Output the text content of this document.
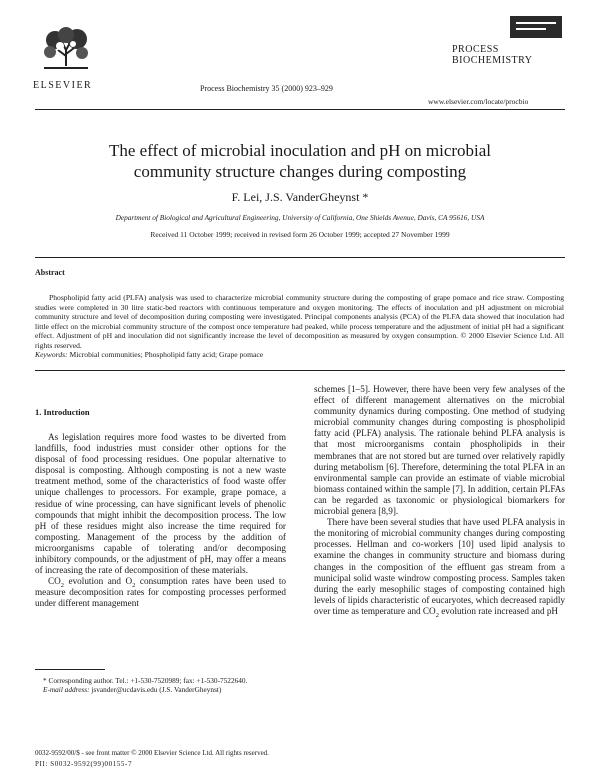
ELSEVIER	Process Biochemistry 35 (2000) 923–929
PROCESS
BIOCHEMISTRY
www.elsevier.com/locate/procbio
The effect of microbial inoculation and pH on microbial
community structure changes during composting
F. Lei, J.S. VanderGheynst *
Department of Biological and Agricultural Engineering, University of California, One Shields Avenue, Davis, CA 95616, USA
Received 11 October 1999; received in revised form 26 October 1999; accepted 27 November 1999
Abstract
Phospholipid fatty acid (PLFA) analysis was used to characterize microbial community structure during the composting of grape pomace and rice straw. Composting studies were completed in 30 litre static-bed reactors with continuous temperature and oxygen monitoring. The effects of inoculation and pH adjustment on microbial community structure and level of decomposition during composting were investigated. Principal components analysis (PCA) of the PLFA data showed that inoculation had little effect on the microbial community structure of the compost once temperature had peaked, while process temperature and the adjustment of initial pH had a significant effect. Adjustment of pH and inoculation did not significantly increase the level of decomposition as measured by oxygen consumption. © 2000 Elsevier Science Ltd. All rights reserved.
Keywords: Microbial communities; Phospholipid fatty acid; Grape pomace
1. Introduction

As legislation requires more food wastes to be diverted from landfills, food industries must consider other options for the disposal of food processing residues. One popular alternative to disposal is composting. Although composting is not a new waste treatment method, some of the characteristics of food waste offer unique challenges to processors. For example, grape pomace, a residue of wine processing, can have significant levels of phenolic compounds that might inhibit the decomposition process. The low pH of these residues might also increase the time required for composting. Management of the process by the addition of microorganisms capable of tolerating and/or decomposing inhibitory compounds, or the adjustment of pH, may offer a means of increasing the rate of decomposition of these materials.

$CO_2$ evolution and $O_2$ consumption rates have been used to measure decomposition rates for composting processes performed under different management

* Corresponding author. Tel.: +1-530-7520989; fax: +1-530-7522640.
E-mail address: jsvander@ucdavis.edu (J.S. VanderGheynst)

schemes [1–5]. However, there have been very few analyses of the effect of different management alternatives on the microbial community dynamics during composting. One method of studying microbial community changes during composting is phospholipid fatty acid (PLFA) analysis. The rationale behind PLFA analysis is that most microorganisms contain phospholipids in their membranes that are not stored but are turned over relatively rapidly during metabolism [6]. Therefore, determining the total PLFA in an environmental sample can provide an estimate of viable microbial biomass contained within the sample [7]. In addition, certain PLFAs can be regarded as taxonomic or physiological biomarkers for microbial genera [8,9].

There have been several studies that have used PLFA analysis in the monitoring of microbial community changes during composting processes. Hellman and co-workers [10] used lipid analysis to examine the changes in community structure and biomass during changes in the composition of the effluent gas stream from a municipal solid waste windrow composting process. Samples taken during the early mesophilic stages of composting contained high levels of lipids characteristic of eucaryotes, which decreased rapidly over time as temperature and $CO_2$ evolution rate increased and pH

0032-9592/00/$ - see front matter © 2000 Elsevier Science Ltd. All rights reserved.
PII: S0032-9592(99)00155-7
